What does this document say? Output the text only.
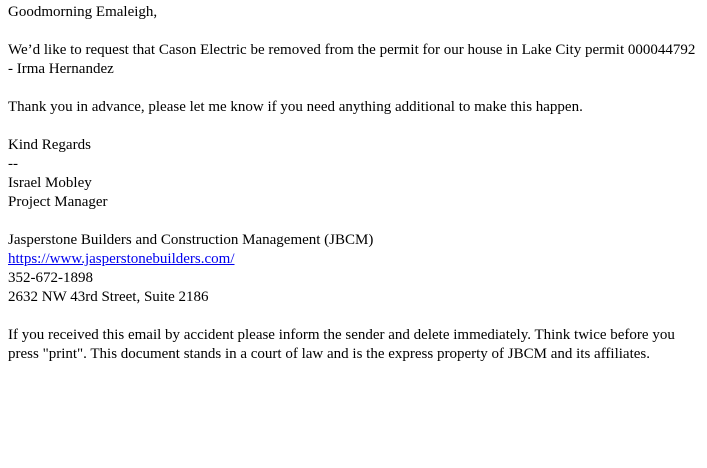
Goodmorning Emaleigh,

We’d like to request that Cason Electric be removed from the permit for our house in Lake City permit 000044792 - Irma Hernandez

Thank you in advance, please let me know if you need anything additional to make this happen.

Kind Regards

--

Israel Mobley

Project Manager

Jasperstone Builders and Construction Management (JBCM)

https://www.jasperstonebuilders.com/

352-672-1898

2632 NW 43rd Street, Suite 2186

If you received this email by accident please inform the sender and delete immediately. Think twice before you press "print". This document stands in a court of law and is the express property of JBCM and its affiliates.
